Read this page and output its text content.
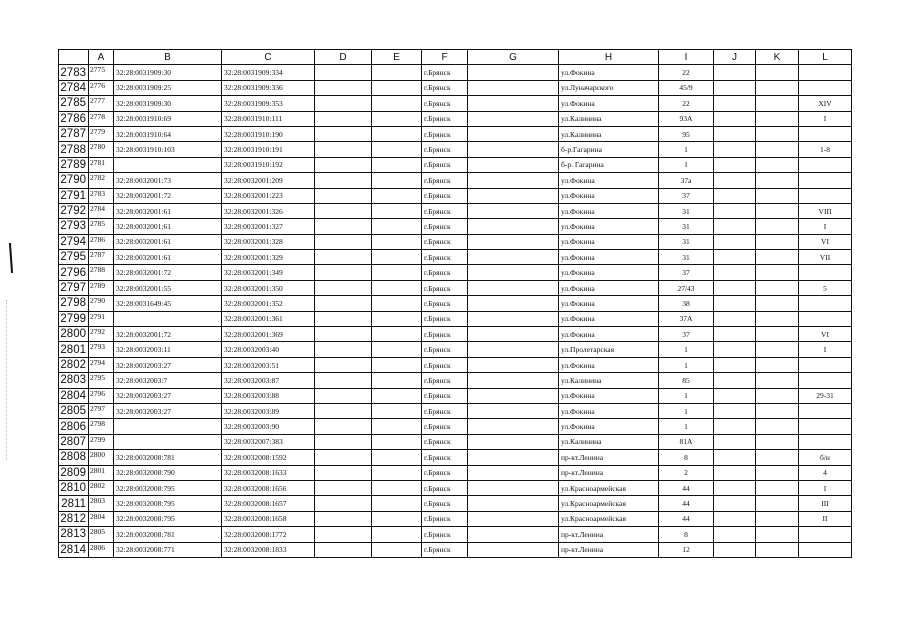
	A	B	C	D	E	F	G	H	I	J	K	L
2783	2775	32:28:0031909:30	32:28:0031909:334			г.Брянск		ул.Фокина	22			
2784	2776	32:28:0031909:25	32:28:0031909:336			г.Брянск		ул.Луначарского	45/9			
2785	2777	32:28:0031909:30	32:28:0031909:353			г.Брянск		ул.Фокина	22			XIV
2786	2778	32:28:0031910:69	32:28:0031910:111			г.Брянск		ул.Калинина	93А			I
2787	2779	32:28:0031910:64	32:28:0031910:190			г.Брянск		ул.Калинина	95			
2788	2780	32:28:0031910:103	32:28:0031910:191			г.Брянск		б-р.Гагарина	1			1-8
2789	2781		32:28:0031910:192			г.Брянск		б-р. Гагарина	1			
2790	2782	32:28:0032001:73	32:28:0032001:209			г.Брянск		ул.Фокина	37а			
2791	2783	32:28:0032001:72	32:28:0032001:223			г.Брянск		ул.Фокина	37			
2792	2784	32:28:0032001:61	32:28:0032001:326			г.Брянск		ул.Фокина	31			VIII
2793	2785	32:28:0032001:61	32:28:0032001:327			г.Брянск		ул.Фокина	31			I
2794	2786	32:28:0032001:61	32:28:0032001:328			г.Брянск		ул.Фокина	31			VI
2795	2787	32:28:0032001:61	32:28:0032001:329			г.Брянск		ул.Фокина	31			VII
2796	2788	32:28:0032001:72	32:28:0032001:349			г.Брянск		ул.Фокина	37			
2797	2789	32:28:0032001:55	32:28:0032001:350			г.Брянск		ул.Фокина	27/43			5
2798	2790	32:28:0031649:45	32:28:0032001:352			г.Брянск		ул.Фокина	38			
2799	2791		32:28:0032001:361			г.Брянск		ул.Фокина	37А			
2800	2792	32:28:0032001:72	32:28:0032001:369			г.Брянск		ул.Фокина	37			VI
2801	2793	32:28:0032003:11	32:28:0032003:40			г.Брянск		ул.Пролетарская	1			I
2802	2794	32:28:0032003:27	32:28:0032003:51			г.Брянск		ул.Фокина	1			
2803	2795	32:28:0032003:7	32:28:0032003:87			г.Брянск		ул.Калинина	85			
2804	2796	32:28:0032003:27	32:28:0032003:88			г.Брянск		ул.Фокина	1			29-31
2805	2797	32:28:0032003:27	32:28:0032003:89			г.Брянск		ул.Фокина	1			
2806	2798		32:28:0032003:90			г.Брянск		ул.Фокина	1			
2807	2799		32:28:0032007:383			г.Брянск		ул.Калинина	81А			
2808	2800	32:28:0032008:781	32:28:0032008:1592			г.Брянск		пр-кт.Ленина	8			б/н
2809	2801	32:28:0032008:790	32:28:0032008:1633			г.Брянск		пр-кт.Ленина	2			4
2810	2802	32:28:0032008:795	32:28:0032008:1656			г.Брянск		ул.Красноармейская	44			I
2811	2803	32:28:0032008:795	32:28:0032008:1657			г.Брянск		ул.Красноармейская	44			III
2812	2804	32:28:0032008:795	32:28:0032008:1658			г.Брянск		ул.Красноармейская	44			II
2813	2805	32:28:0032008:781	32:28:0032008:1772			г.Брянск		пр-кт.Ленина	8			
2814	2806	32:28:0032008:771	32:28:0032008:1833			г.Брянск		пр-кт.Ленина	12			
